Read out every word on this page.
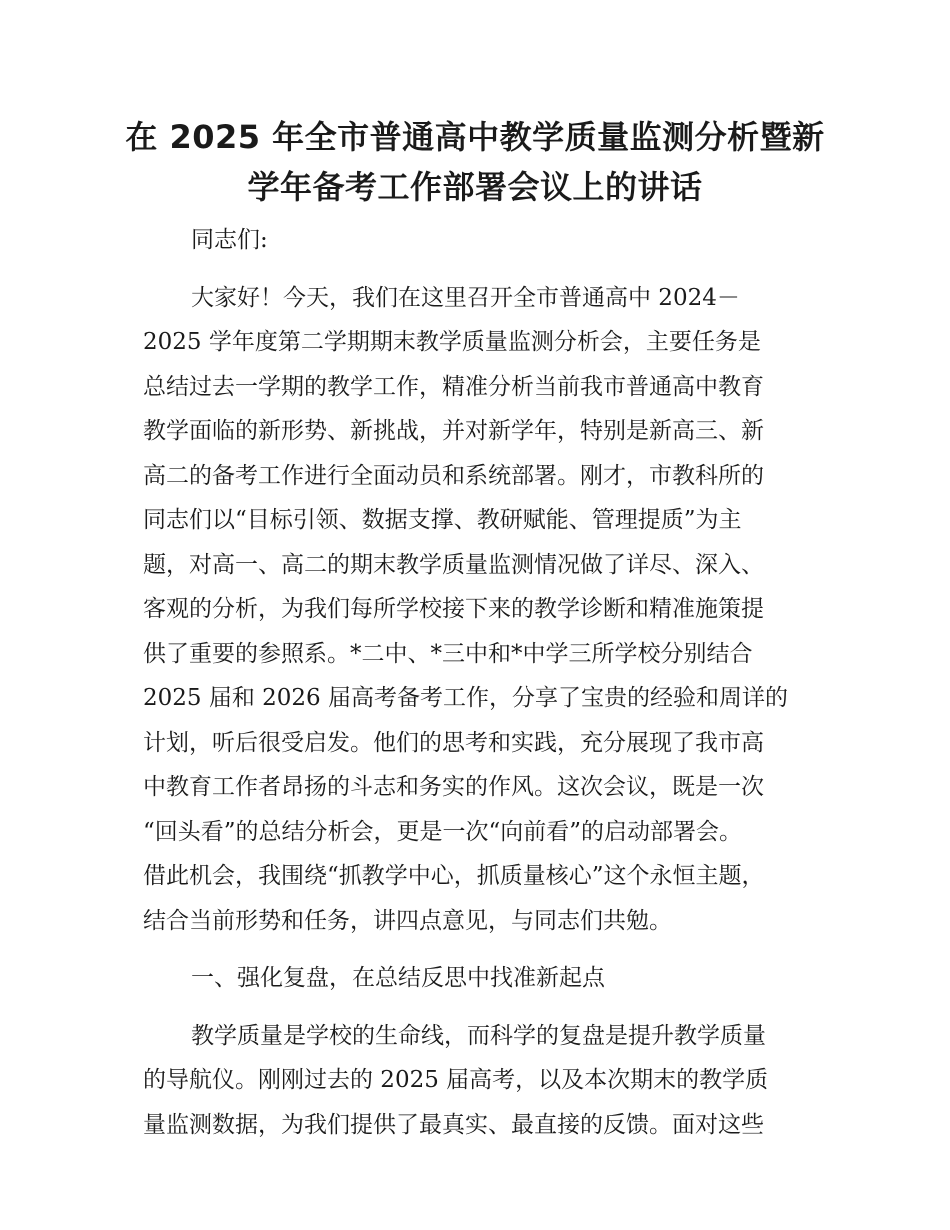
在 2025 年全市普通高中教学质量监测分析暨新
学年备考工作部署会议上的讲话
同志们:
大家好！今天，我们在这里召开全市普通高中 2024－
2025 学年度第二学期期末教学质量监测分析会，主要任务是
总结过去一学期的教学工作，精准分析当前我市普通高中教育
教学面临的新形势、新挑战，并对新学年，特别是新高三、新
高二的备考工作进行全面动员和系统部署。刚才，市教科所的
同志们以“目标引领、数据支撑、教研赋能、管理提质”为主
题，对高一、高二的期末教学质量监测情况做了详尽、深入、
客观的分析，为我们每所学校接下来的教学诊断和精准施策提
供了重要的参照系。*二中、*三中和*中学三所学校分别结合
2025 届和 2026 届高考备考工作，分享了宝贵的经验和周详的
计划，听后很受启发。他们的思考和实践，充分展现了我市高
中教育工作者昂扬的斗志和务实的作风。这次会议，既是一次
“回头看”的总结分析会，更是一次“向前看”的启动部署会。
借此机会，我围绕“抓教学中心，抓质量核心”这个永恒主题，
结合当前形势和任务，讲四点意见，与同志们共勉。
一、强化复盘，在总结反思中找准新起点
教学质量是学校的生命线，而科学的复盘是提升教学质量
的导航仪。刚刚过去的 2025 届高考，以及本次期末的教学质
量监测数据，为我们提供了最真实、最直接的反馈。面对这些
